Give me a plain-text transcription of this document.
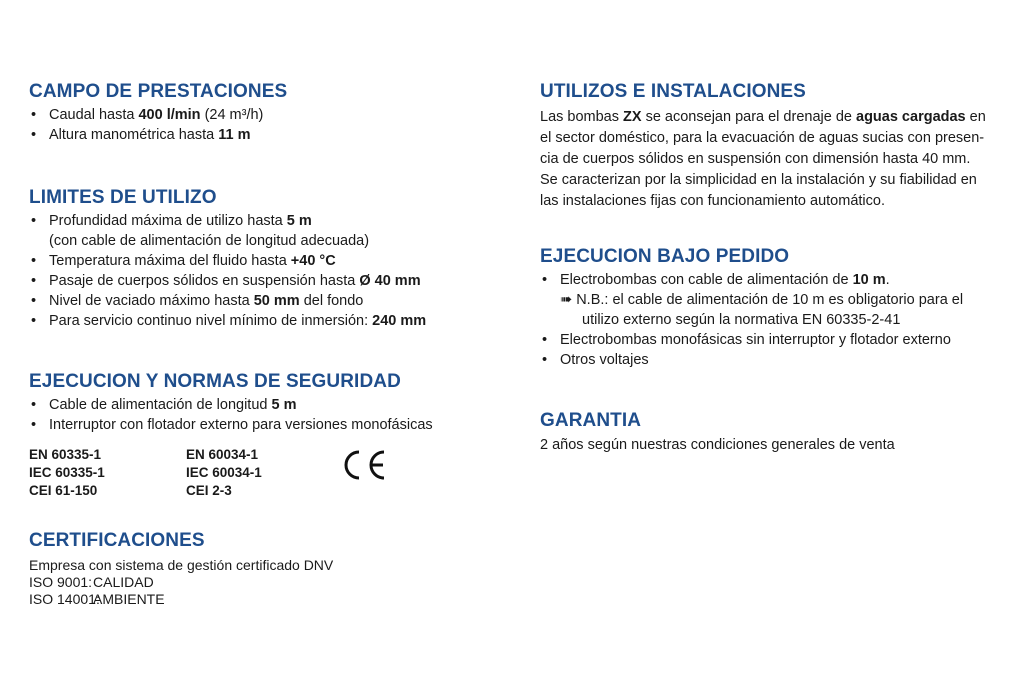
CAMPO DE PRESTACIONES
• Caudal hasta 400 l/min (24 m³/h)
• Altura manométrica hasta 11 m
LIMITES DE UTILIZO
• Profundidad máxima de utilizo hasta 5 m
(con cable de alimentación de longitud adecuada)
• Temperatura máxima del fluido hasta +40 °C
• Pasaje de cuerpos sólidos en suspensión hasta Ø 40 mm
• Nivel de vaciado máximo hasta 50 mm del fondo
• Para servicio continuo nivel mínimo de inmersión: 240 mm
EJECUCION Y NORMAS DE SEGURIDAD
• Cable de alimentación de longitud 5 m
• Interruptor con flotador externo para versiones monofásicas
EN 60335-1
IEC 60335-1
CEI 61-150
EN 60034-1
IEC 60034-1
CEI 2-3
CERTIFICACIONES
Empresa con sistema de gestión certificado DNV
ISO 9001:CALIDAD
ISO 14001:AMBIENTE
UTILIZOS E INSTALACIONES
Las bombas ZX se aconsejan para el drenaje de aguas cargadas en
el sector doméstico, para la evacuación de aguas sucias con presen-
cia de cuerpos sólidos en suspensión con dimensión hasta 40 mm.
Se caracterizan por la simplicidad en la instalación y su fiabilidad en
las instalaciones fijas con funcionamiento automático.
EJECUCION BAJO PEDIDO
• Electrobombas con cable de alimentación de 10 m.
➠ N.B.: el cable de alimentación de 10 m es obligatorio para el
utilizo externo según la normativa EN 60335-2-41
• Electrobombas monofásicas sin interruptor y flotador externo
• Otros voltajes
GARANTIA
2 años según nuestras condiciones generales de venta
